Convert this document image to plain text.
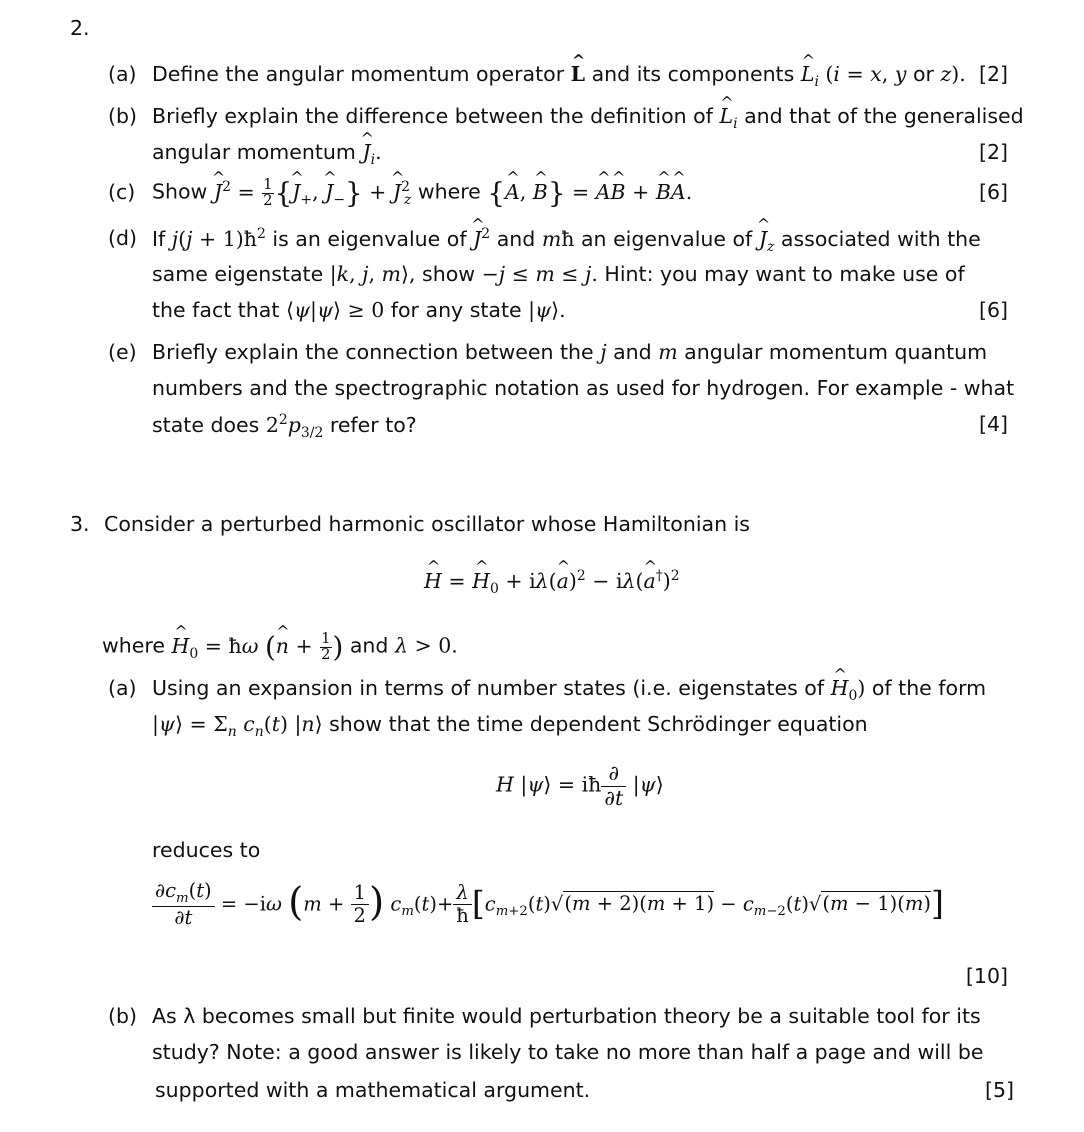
2.
(a) Define the angular momentum operator L ^ and its components L $\^{}_i$ (i = x, y or z). [2]
(b) Briefly explain the difference between the definition of L $\^{}_i$ and that of the generalised
angular momentum J $\^{}_i$.	[2]
(c) Show J ^$^2$ = $\frac{1}{2} \{J$ $\^{}_+$, J $\^{}_-\} + J$ ^$^2_z$ where {A ^, B ^} = A ^B ^ + B ^A ^.	[6]
(d) If $j(j + 1)ħ^2$ is an eigenvalue of J ^$^2$ and mħ an eigenvalue of J $\^{}_z$ associated with the
same eigenstate |k, j, m⟩, show −j ≤ m ≤ j. Hint: you may want to make use of
the fact that ⟨ψ|ψ⟩ ≥ 0 for any state |ψ⟩.	[6]
(e) Briefly explain the connection between the j and m angular momentum quantum
numbers and the spectrographic notation as used for hydrogen. For example - what
state does $2^2p_{3/2}$ refer to?	[4]
3. Consider a perturbed harmonic oscillator whose Hamiltonian is
H ^ = H $\^{}_0 + i\lambda(a$ ^)$^2$ − iλ(a ^†)$^2$
where H $\^{}_0$ = ħω (n ^ + $\frac{1}{2}$ ) and λ > 0.
(a) Using an expansion in terms of number states (i.e. eigenstates of H $\^{}_0$) of the form
|ψ⟩ = $\Sigma_n$ $c_n(t)$ |n⟩ show that the time dependent Schrödinger equation
H |ψ⟩ = iħ ∂
∂t
|ψ⟩
reduces to
$\frac{\partial c_m(t)}{\partial t} = -i\omega$ ($m + \frac{1}{2}$ ) $c_m(t)+ \frac{\lambda}{ħ} [c_{m+2}(t)√(m + 2)(m + 1) - c_{m-2}(t)√(m - 1)(m)]$
[10]
(b) As λ becomes small but finite would perturbation theory be a suitable tool for its
study? Note: a good answer is likely to take no more than half a page and will be
supported with a mathematical argument.	[5]
